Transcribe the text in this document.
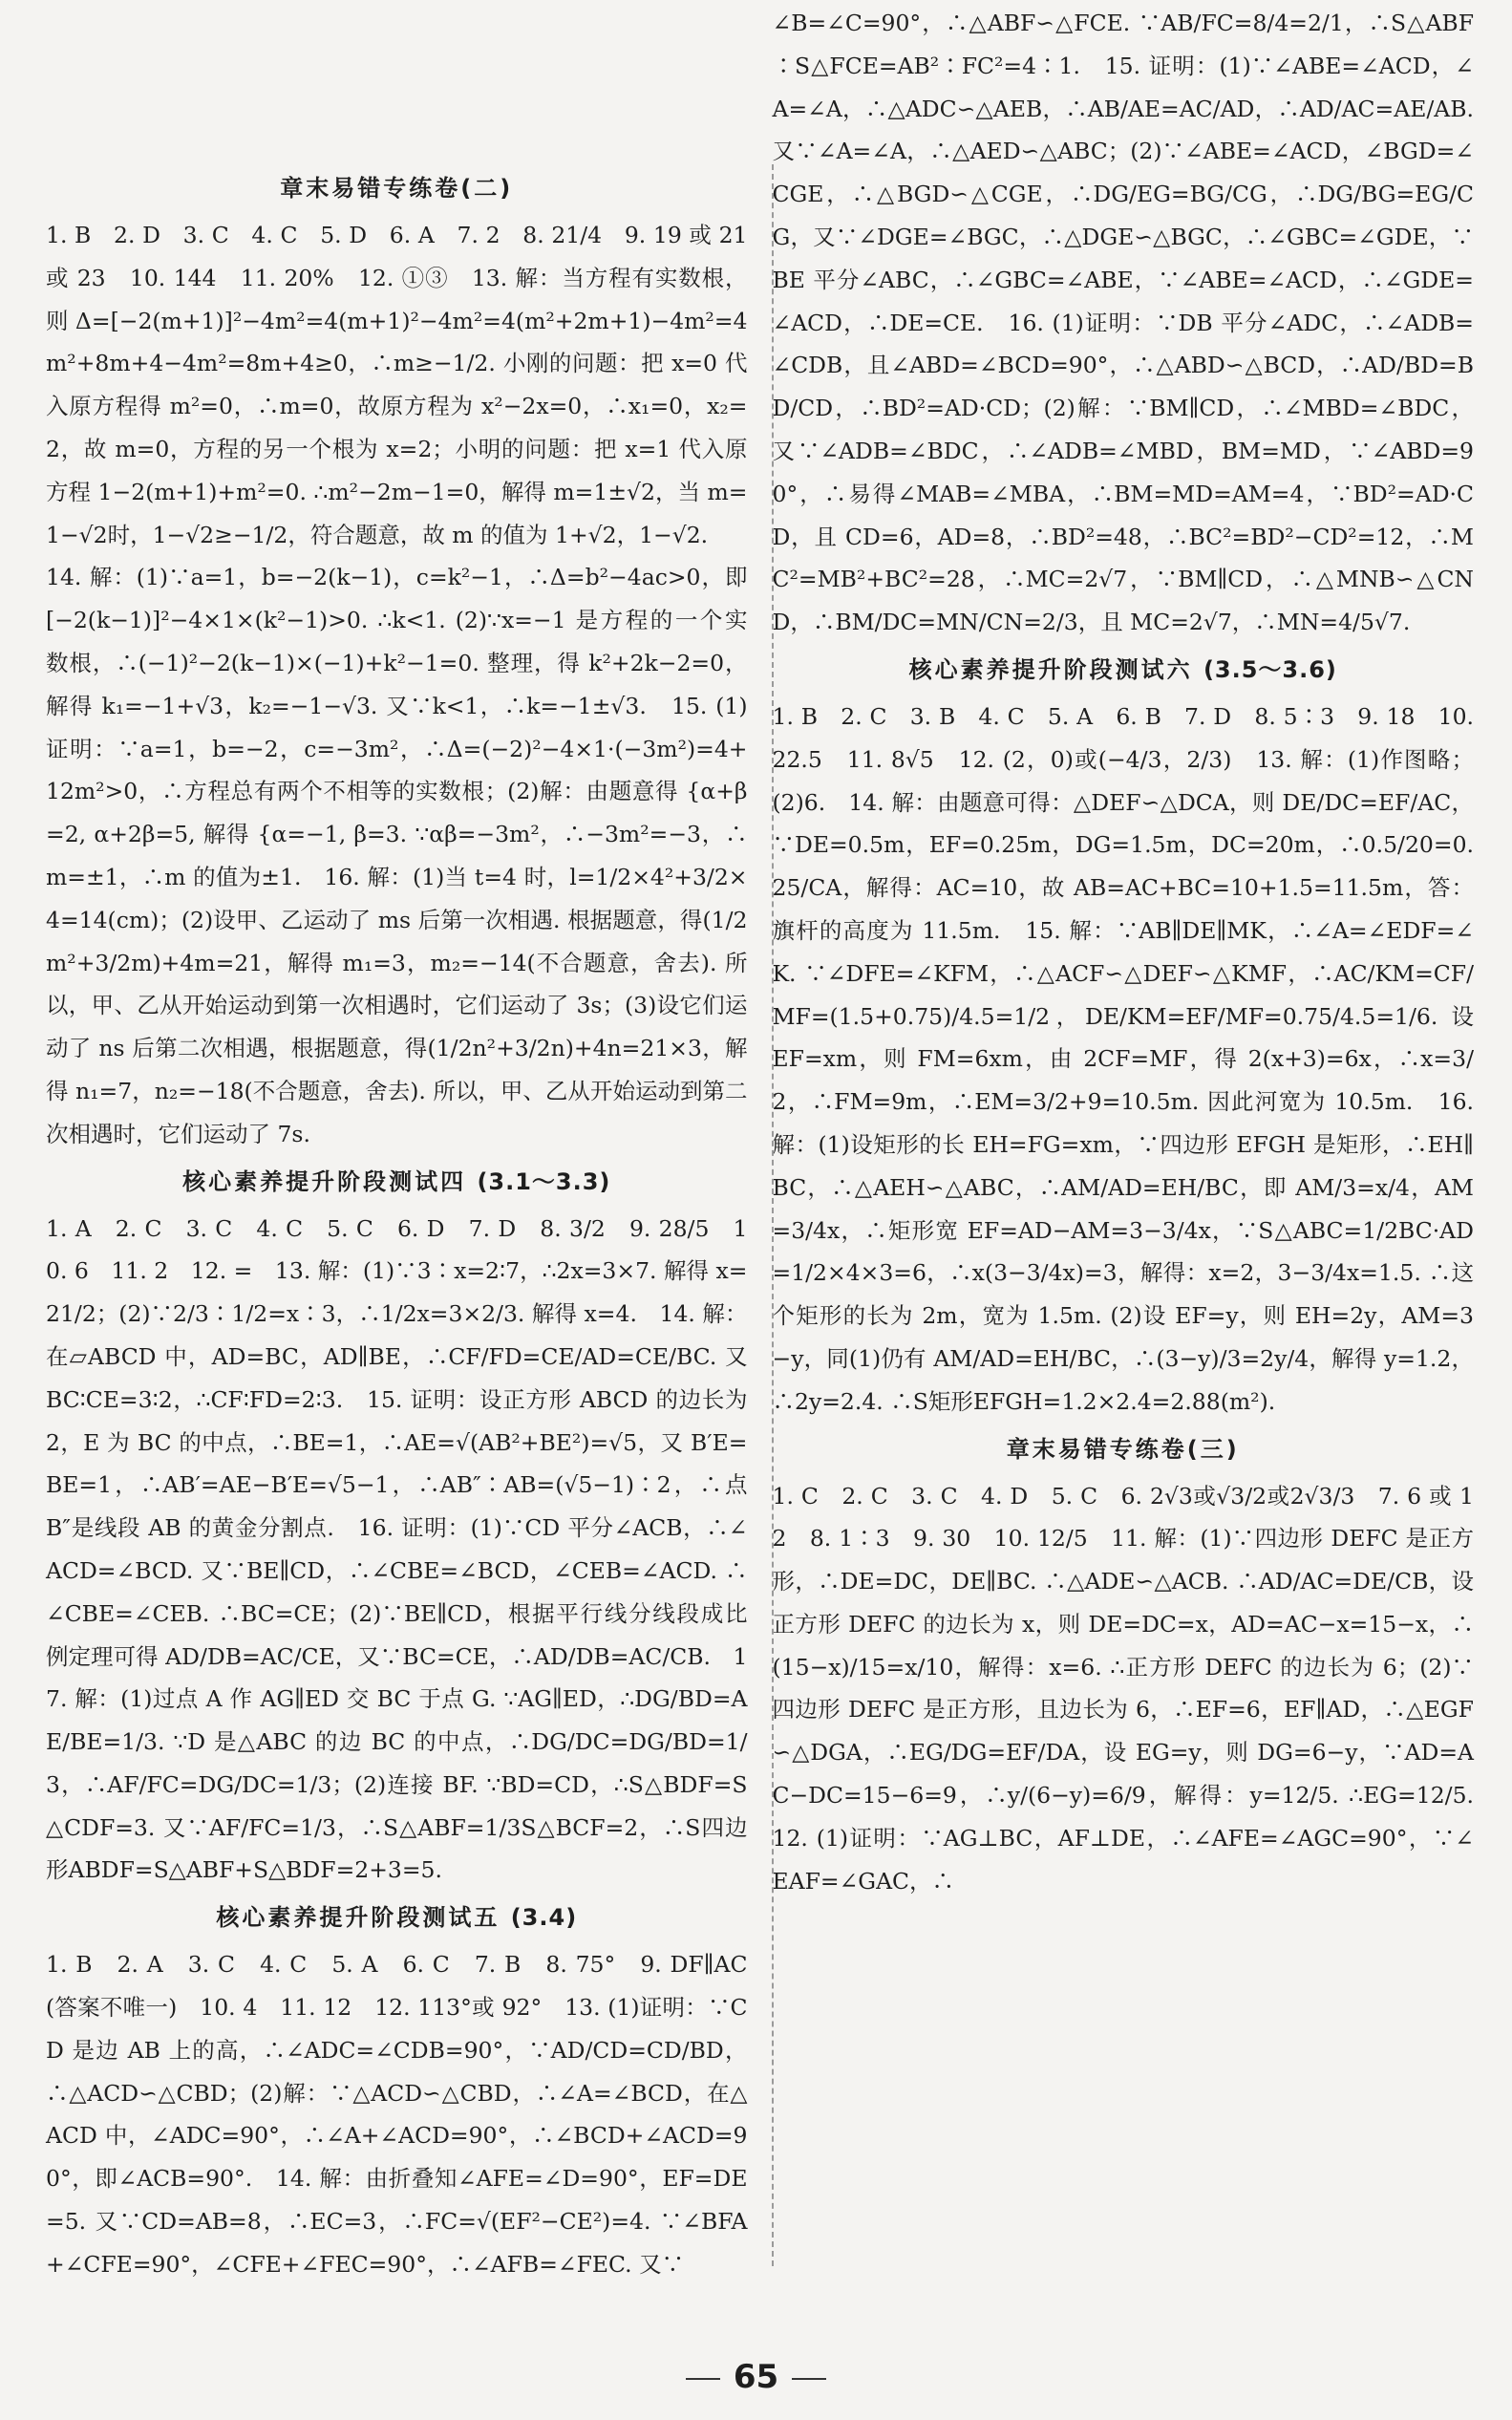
章末易错专练卷(二)

1. B　2. D　3. C　4. C　5. D　6. A　7. 2　8. 21/4　9. 19 或 21 或 23　10. 144　11. 20%　12. ①③　13. 解：当方程有实数根，则Δ=[−2(m+1)]²−4m²=4(m+1)²−4m²=4(m²+2m+1)−4m²=4m²+8m+4−4m²=8m+4≥0，∴m≥−1/2. 小刚的问题：把 x=0 代入原方程得 m²=0，∴m=0，故原方程为 x²−2x=0，∴x₁=0，x₂=2，故 m=0，方程的另一个根为 x=2；小明的问题：把 x=1 代入原方程 1−2(m+1)+m²=0. ∴m²−2m−1=0，解得 m=1±√2，当 m=1−√2时，1−√2≥−1/2，符合题意，故 m 的值为 1+√2，1−√2.

14. 解：(1)∵a=1，b=−2(k−1)，c=k²−1，∴Δ=b²−4ac>0，即[−2(k−1)]²−4×1×(k²−1)>0. ∴k<1. (2)∵x=−1 是方程的一个实数根，∴(−1)²−2(k−1)×(−1)+k²−1=0. 整理，得 k²+2k−2=0，解得 k₁=−1+√3，k₂=−1−√3. 又∵k<1，∴k=−1±√3.　15. (1)证明：∵a=1，b=−2，c=−3m²，∴Δ=(−2)²−4×1·(−3m²)=4+12m²>0，∴方程总有两个不相等的实数根；(2)解：由题意得 {α+β=2, α+2β=5, 解得 {α=−1, β=3. ∵αβ=−3m²，∴−3m²=−3，∴m=±1，∴m 的值为±1.　16. 解：(1)当 t=4 时，l=1/2×4²+3/2×4=14(cm)；(2)设甲、乙运动了 ms 后第一次相遇. 根据题意，得(1/2m²+3/2m)+4m=21，解得 m₁=3，m₂=−14(不合题意，舍去). 所以，甲、乙从开始运动到第一次相遇时，它们运动了 3s；(3)设它们运动了 ns 后第二次相遇，根据题意，得(1/2n²+3/2n)+4n=21×3，解得 n₁=7，n₂=−18(不合题意，舍去). 所以，甲、乙从开始运动到第二次相遇时，它们运动了 7s.

核心素养提升阶段测试四 (3.1～3.3)

1. A　2. C　3. C　4. C　5. C　6. D　7. D　8. 3/2　9. 28/5　10. 6　11. 2　12. =　13. 解：(1)∵3∶x=2∶7，∴2x=3×7. 解得 x=21/2；(2)∵2/3∶1/2=x∶3，∴1/2x=3×2/3. 解得 x=4.　14. 解：在▱ABCD 中，AD=BC，AD∥BE，∴CF/FD=CE/AD=CE/BC. 又 BC∶CE=3∶2，∴CF∶FD=2∶3.　15. 证明：设正方形 ABCD 的边长为 2，E 为 BC 的中点，∴BE=1，∴AE=√(AB²+BE²)=√5，又 B′E=BE=1，∴AB′=AE−B′E=√5−1，∴AB″∶AB=(√5−1)∶2，∴点 B″是线段 AB 的黄金分割点.　16. 证明：(1)∵CD 平分∠ACB，∴∠ACD=∠BCD. 又∵BE∥CD，∴∠CBE=∠BCD，∠CEB=∠ACD. ∴∠CBE=∠CEB. ∴BC=CE；(2)∵BE∥CD，根据平行线分线段成比例定理可得 AD/DB=AC/CE，又∵BC=CE，∴AD/DB=AC/CB.　17. 解：(1)过点 A 作 AG∥ED 交 BC 于点 G. ∵AG∥ED，∴DG/BD=AE/BE=1/3. ∵D 是△ABC 的边 BC 的中点，∴DG/DC=DG/BD=1/3，∴AF/FC=DG/DC=1/3；(2)连接 BF. ∵BD=CD，∴S△BDF=S△CDF=3. 又∵AF/FC=1/3，∴S△ABF=1/3S△BCF=2，∴S四边形ABDF=S△ABF+S△BDF=2+3=5.

核心素养提升阶段测试五 (3.4)

1. B　2. A　3. C　4. C　5. A　6. C　7. B　8. 75°　9. DF∥AC(答案不唯一)　10. 4　11. 12　12. 113°或 92°　13. (1)证明：∵CD 是边 AB 上的高，∴∠ADC=∠CDB=90°，∵AD/CD=CD/BD，∴△ACD∽△CBD；(2)解：∵△ACD∽△CBD，∴∠A=∠BCD，在△ACD 中，∠ADC=90°，∴∠A+∠ACD=90°，∴∠BCD+∠ACD=90°，即∠ACB=90°.　14. 解：由折叠知∠AFE=∠D=90°，EF=DE=5. 又∵CD=AB=8，∴EC=3，∴FC=√(EF²−CE²)=4. ∵∠BFA+∠CFE=90°，∠CFE+∠FEC=90°，∴∠AFB=∠FEC. 又∵

∠B=∠C=90°，∴△ABF∽△FCE. ∵AB/FC=8/4=2/1，∴S△ABF∶S△FCE=AB²∶FC²=4∶1.　15. 证明：(1)∵∠ABE=∠ACD，∠A=∠A，∴△ADC∽△AEB，∴AB/AE=AC/AD，∴AD/AC=AE/AB. 又∵∠A=∠A，∴△AED∽△ABC；(2)∵∠ABE=∠ACD，∠BGD=∠CGE，∴△BGD∽△CGE，∴DG/EG=BG/CG，∴DG/BG=EG/CG，又∵∠DGE=∠BGC，∴△DGE∽△BGC，∴∠GBC=∠GDE，∵BE 平分∠ABC，∴∠GBC=∠ABE，∵∠ABE=∠ACD，∴∠GDE=∠ACD，∴DE=CE.　16. (1)证明：∵DB 平分∠ADC，∴∠ADB=∠CDB，且∠ABD=∠BCD=90°，∴△ABD∽△BCD，∴AD/BD=BD/CD，∴BD²=AD·CD；(2)解：∵BM∥CD，∴∠MBD=∠BDC，又∵∠ADB=∠BDC，∴∠ADB=∠MBD，BM=MD，∵∠ABD=90°，∴易得∠MAB=∠MBA，∴BM=MD=AM=4，∵BD²=AD·CD，且 CD=6，AD=8，∴BD²=48，∴BC²=BD²−CD²=12，∴MC²=MB²+BC²=28，∴MC=2√7，∵BM∥CD，∴△MNB∽△CND，∴BM/DC=MN/CN=2/3，且 MC=2√7，∴MN=4/5√7.

核心素养提升阶段测试六 (3.5～3.6)

1. B　2. C　3. B　4. C　5. A　6. B　7. D　8. 5∶3　9. 18　10. 22.5　11. 8√5　12. (2，0)或(−4/3，2/3)　13. 解：(1)作图略；(2)6.　14. 解：由题意可得：△DEF∽△DCA，则 DE/DC=EF/AC，∵DE=0.5m，EF=0.25m，DG=1.5m，DC=20m，∴0.5/20=0.25/CA，解得：AC=10，故 AB=AC+BC=10+1.5=11.5m，答：旗杆的高度为 11.5m.　15. 解：∵AB∥DE∥MK，∴∠A=∠EDF=∠K. ∵∠DFE=∠KFM，∴△ACF∽△DEF∽△KMF，∴AC/KM=CF/MF=(1.5+0.75)/4.5=1/2，DE/KM=EF/MF=0.75/4.5=1/6. 设 EF=xm，则 FM=6xm，由 2CF=MF，得 2(x+3)=6x，∴x=3/2，∴FM=9m，∴EM=3/2+9=10.5m. 因此河宽为 10.5m.　16. 解：(1)设矩形的长 EH=FG=xm，∵四边形 EFGH 是矩形，∴EH∥BC，∴△AEH∽△ABC，∴AM/AD=EH/BC，即 AM/3=x/4，AM=3/4x，∴矩形宽 EF=AD−AM=3−3/4x，∵S△ABC=1/2BC·AD=1/2×4×3=6，∴x(3−3/4x)=3，解得：x=2，3−3/4x=1.5. ∴这个矩形的长为 2m，宽为 1.5m. (2)设 EF=y，则 EH=2y，AM=3−y，同(1)仍有 AM/AD=EH/BC，∴(3−y)/3=2y/4，解得 y=1.2，∴2y=2.4. ∴S矩形EFGH=1.2×2.4=2.88(m²).

章末易错专练卷(三)

1. C　2. C　3. C　4. D　5. C　6. 2√3或√3/2或2√3/3　7. 6 或 12　8. 1∶3　9. 30　10. 12/5　11. 解：(1)∵四边形 DEFC 是正方形，∴DE=DC，DE∥BC. ∴△ADE∽△ACB. ∴AD/AC=DE/CB，设正方形 DEFC 的边长为 x，则 DE=DC=x，AD=AC−x=15−x，∴(15−x)/15=x/10，解得：x=6. ∴正方形 DEFC 的边长为 6；(2)∵四边形 DEFC 是正方形，且边长为 6，∴EF=6，EF∥AD，∴△EGF∽△DGA，∴EG/DG=EF/DA，设 EG=y，则 DG=6−y，∵AD=AC−DC=15−6=9，∴y/(6−y)=6/9，解得：y=12/5. ∴EG=12/5.　12. (1)证明：∵AG⊥BC，AF⊥DE，∴∠AFE=∠AGC=90°，∵∠EAF=∠GAC，∴

65
